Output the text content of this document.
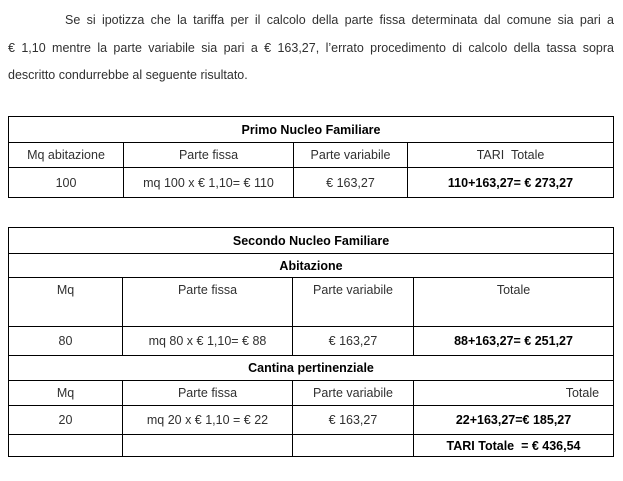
Se si ipotizza che la tariffa per il calcolo della parte fissa determinata dal comune sia pari a
€ 1,10 mentre la parte variabile sia pari a € 163,27, l’errato procedimento di calcolo della tassa sopra
descritto condurrebbe al seguente risultato.
Primo Nucleo Familiare			
Mq abitazione	Parte fissa	Parte variabile	TARI  Totale
100	mq 100 x € 1,10= € 110	€ 163,27	110+163,27= € 273,27
Secondo Nucleo Familiare			
Abitazione			
Mq	Parte fissa	Parte variabile	Totale
80	mq 80 x € 1,10= € 88	€ 163,27	88+163,27= € 251,27
Cantina pertinenziale			
Mq	Parte fissa	Parte variabile	Totale
20	mq 20 x € 1,10 = € 22	€ 163,27	22+163,27=€ 185,27
			TARI Totale  = € 436,54
